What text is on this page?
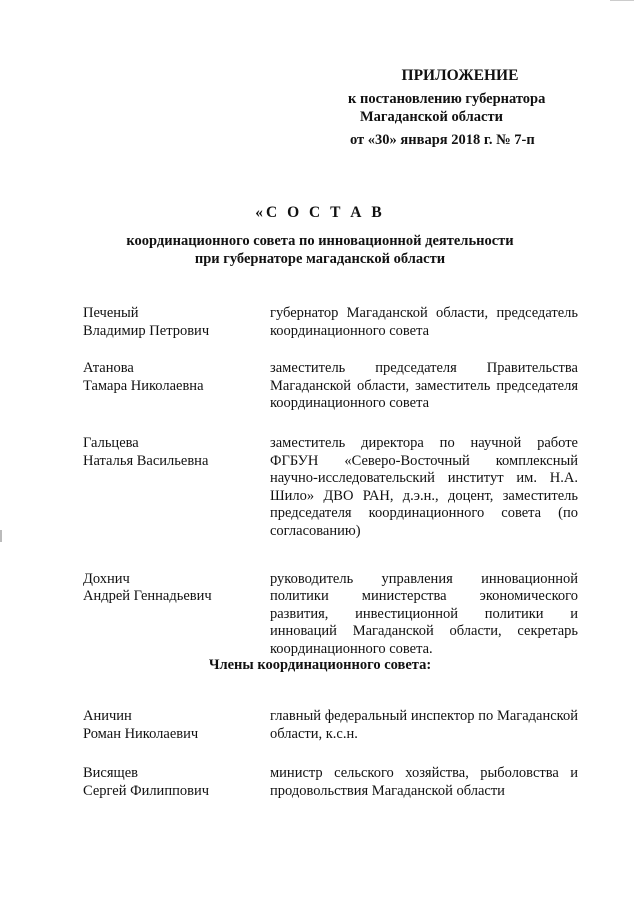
ПРИЛОЖЕНИЕ
к постановлению губернатора
Магаданской области
от «30» января 2018 г. № 7-п
«С О С Т А В
координационного совета по инновационной деятельности
при губернаторе магаданской области
Печеный
Владимир Петрович
губернатор Магаданской области, председатель координационного совета
Атанова
Тамара Николаевна
заместитель председателя Правительства Магаданской области, заместитель председателя координационного совета
Гальцева
Наталья Васильевна
заместитель директора по научной работе ФГБУН «Северо-Восточный комплексный научно-исследовательский институт им. Н.А. Шило» ДВО РАН, д.э.н., доцент, заместитель председателя координационного совета (по согласованию)
Дохнич
Андрей Геннадьевич
руководитель управления инновационной политики министерства экономического развития, инвестиционной политики и инноваций Магаданской области, секретарь координационного совета.
Члены координационного совета:
Аничин
Роман Николаевич
главный федеральный инспектор по Магаданской области, к.с.н.
Висящев
Сергей Филиппович
министр сельского хозяйства, рыболовства и продовольствия Магаданской области
